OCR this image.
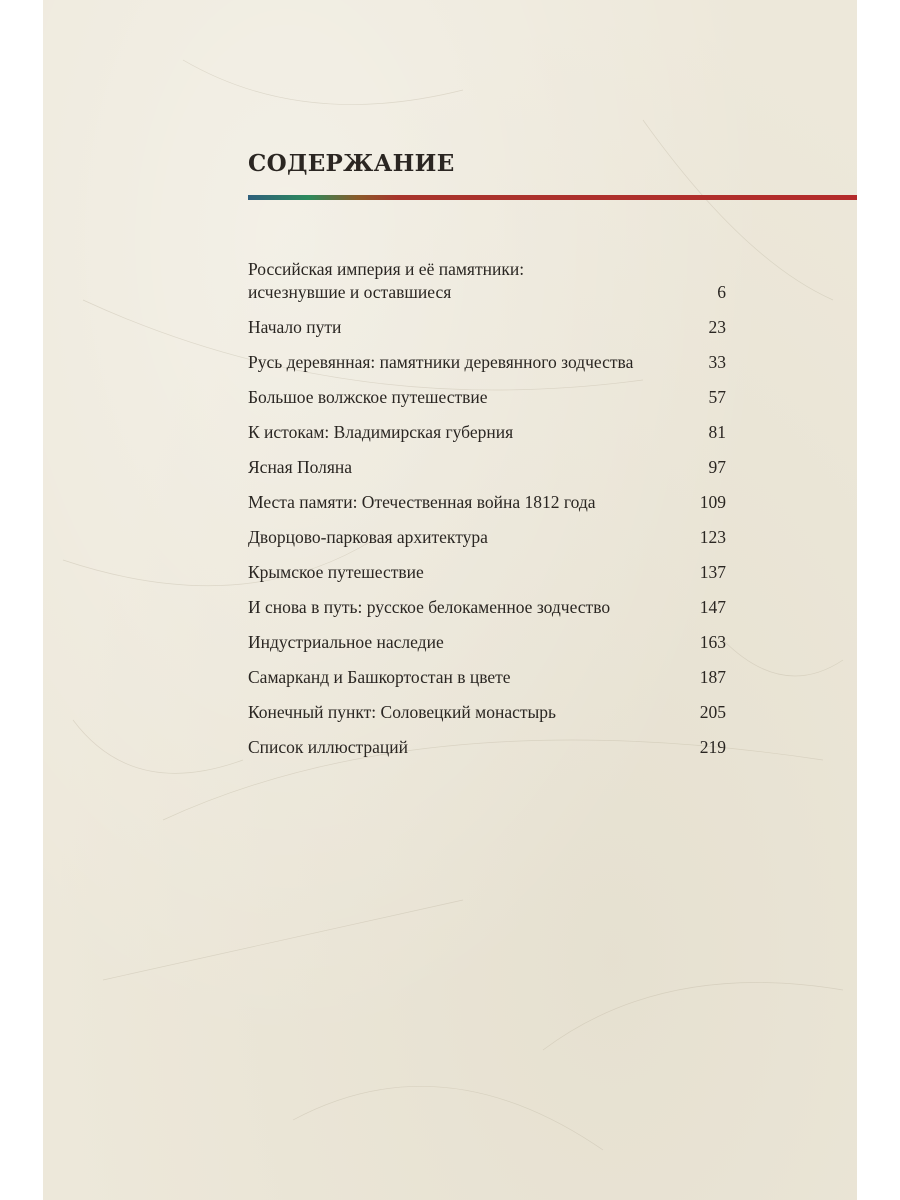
СОДЕРЖАНИЕ
Российская империя и её памятники:
исчезнувшие и оставшиеся	6
Начало пути	23
Русь деревянная: памятники деревянного зодчества	33
Большое волжское путешествие	57
К истокам: Владимирская губерния	81
Ясная Поляна	97
Места памяти: Отечественная война 1812 года	109
Дворцово-парковая архитектура	123
Крымское путешествие	137
И снова в путь: русское белокаменное зодчество	147
Индустриальное наследие	163
Самарканд и Башкортостан в цвете	187
Конечный пункт: Соловецкий монастырь	205
Список иллюстраций	219
